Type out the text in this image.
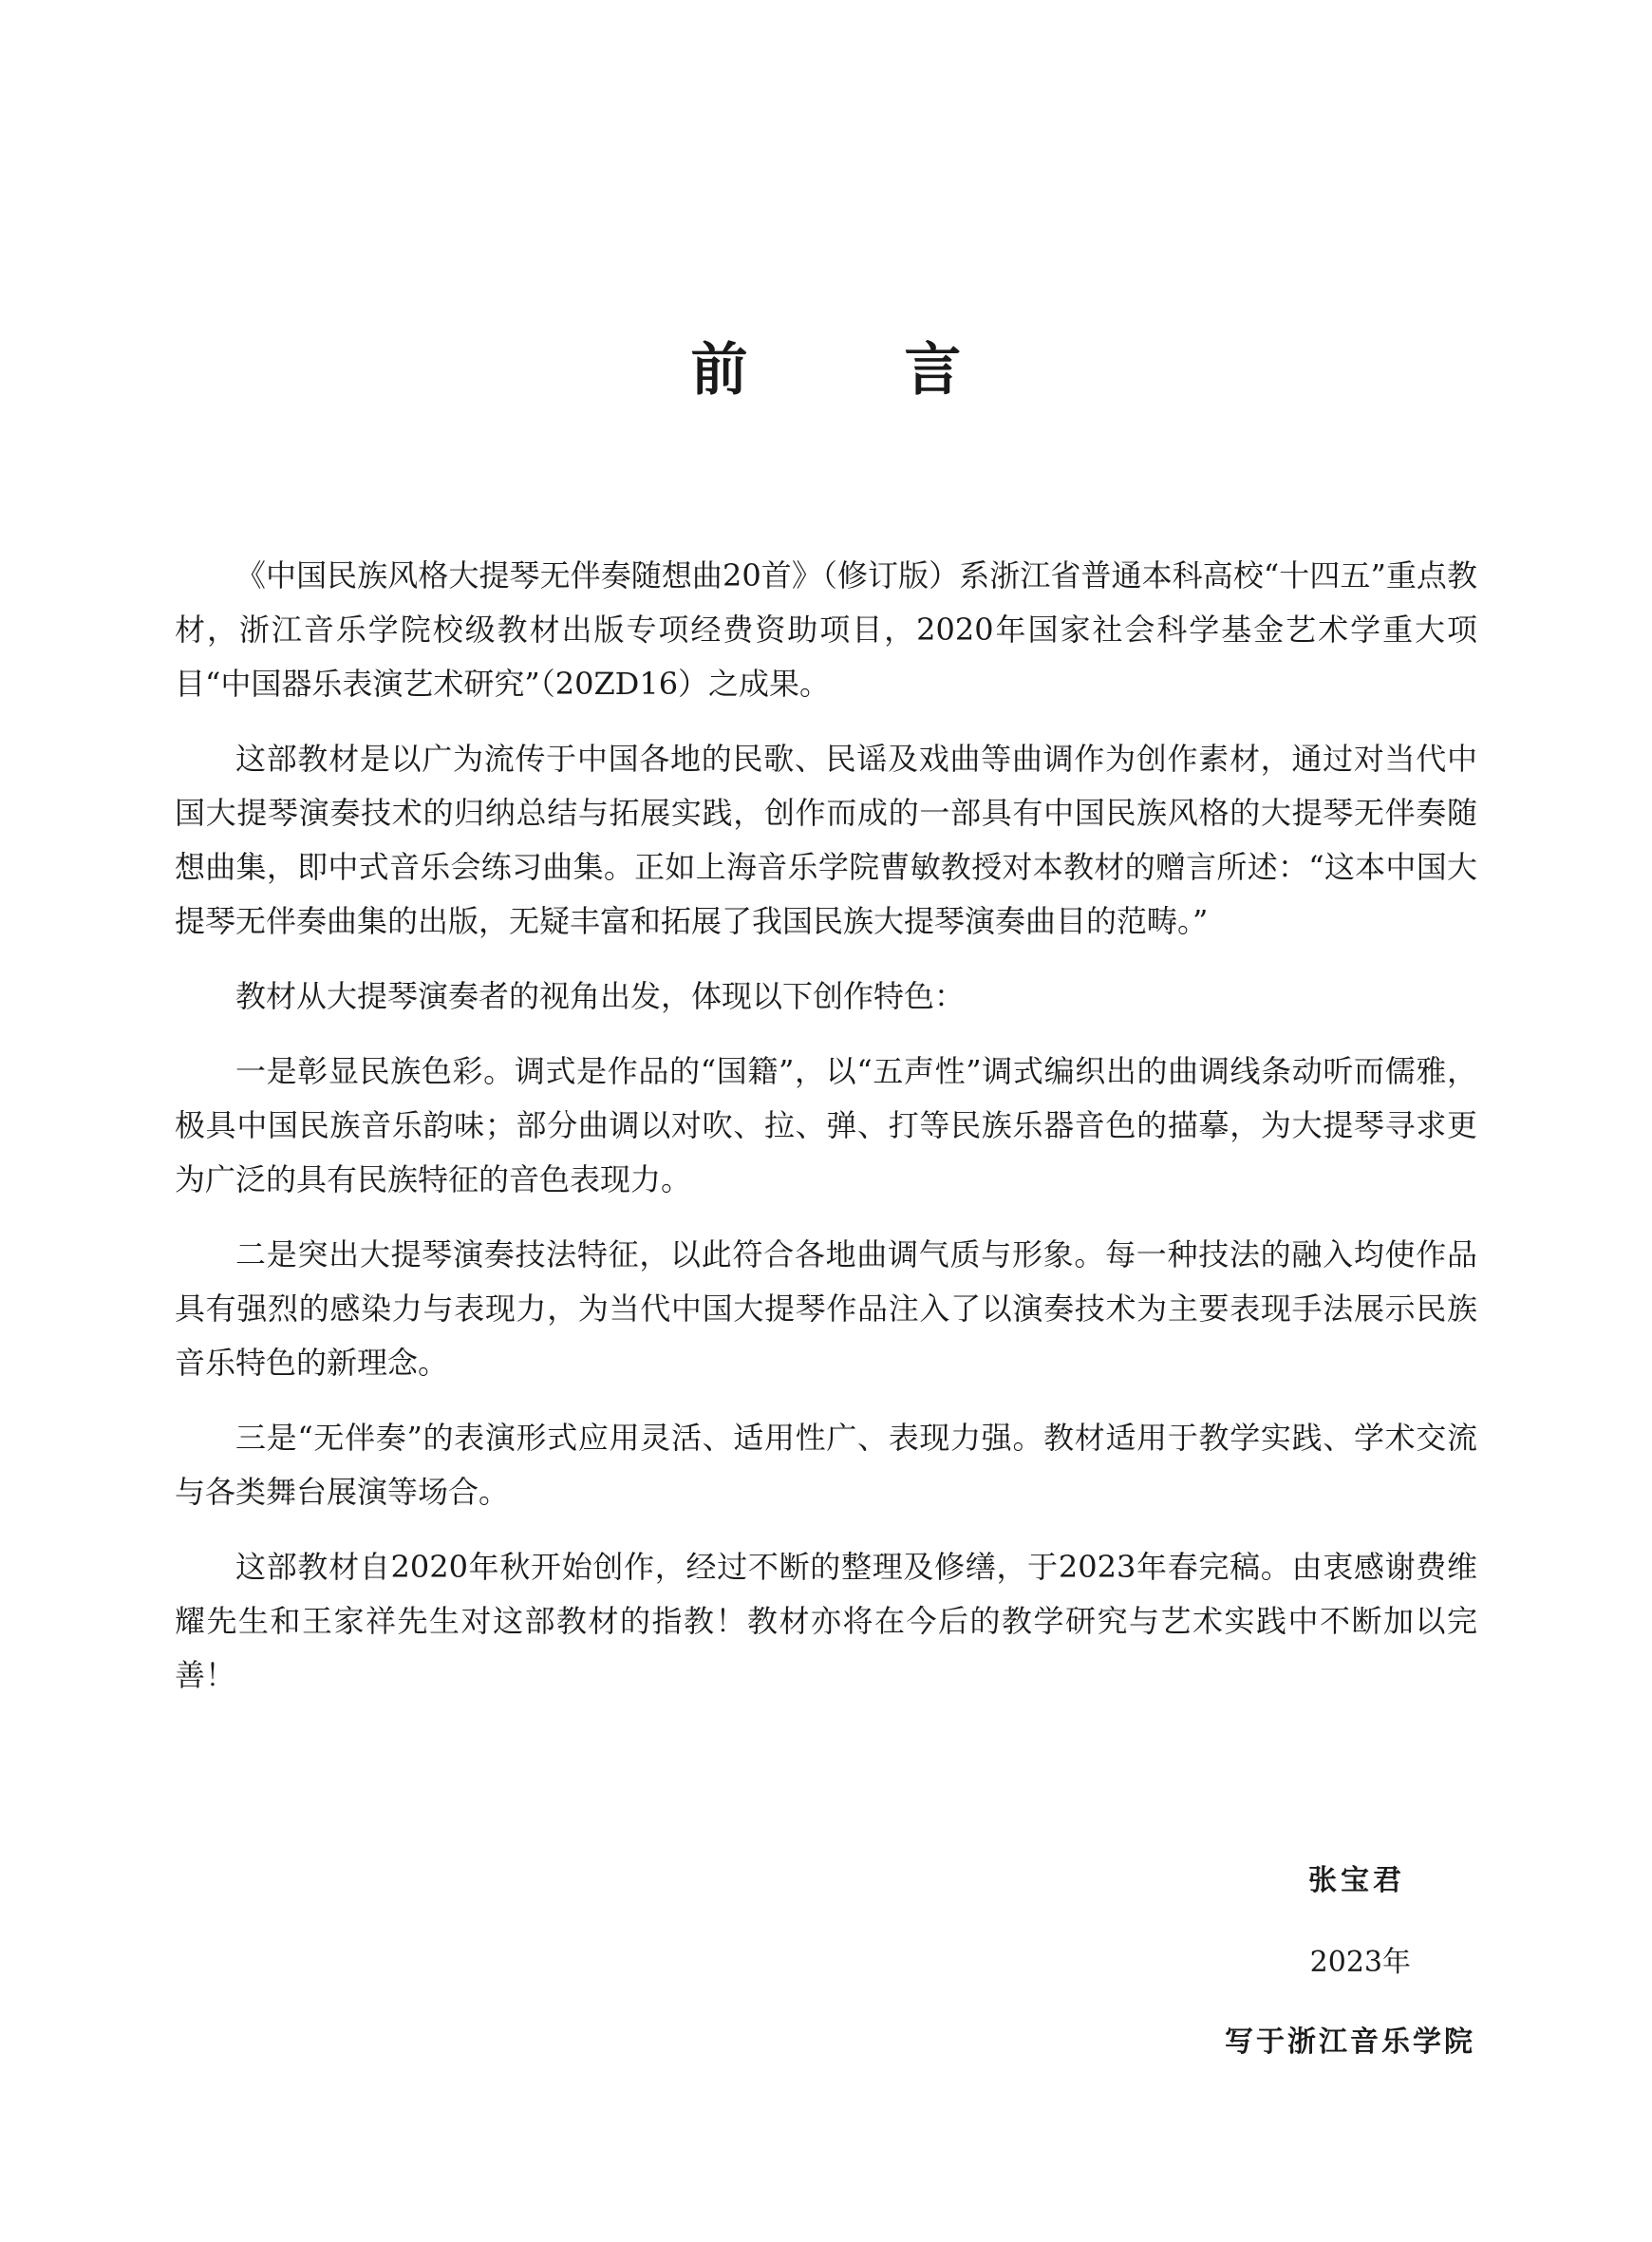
前 言

《中国民族风格大提琴无伴奏随想曲20首》（修订版）系浙江省普通本科高校“十四五”重点教材，浙江音乐学院校级教材出版专项经费资助项目，2020年国家社会科学基金艺术学重大项目“中国器乐表演艺术研究”（20ZD16）之成果。

这部教材是以广为流传于中国各地的民歌、民谣及戏曲等曲调作为创作素材，通过对当代中国大提琴演奏技术的归纳总结与拓展实践，创作而成的一部具有中国民族风格的大提琴无伴奏随想曲集，即中式音乐会练习曲集。正如上海音乐学院曹敏教授对本教材的赠言所述：“这本中国大提琴无伴奏曲集的出版，无疑丰富和拓展了我国民族大提琴演奏曲目的范畴。”

教材从大提琴演奏者的视角出发，体现以下创作特色：

一是彰显民族色彩。调式是作品的“国籍”，以“五声性”调式编织出的曲调线条动听而儒雅，极具中国民族音乐韵味；部分曲调以对吹、拉、弹、打等民族乐器音色的描摹，为大提琴寻求更为广泛的具有民族特征的音色表现力。

二是突出大提琴演奏技法特征，以此符合各地曲调气质与形象。每一种技法的融入均使作品具有强烈的感染力与表现力，为当代中国大提琴作品注入了以演奏技术为主要表现手法展示民族音乐特色的新理念。

三是“无伴奏”的表演形式应用灵活、适用性广、表现力强。教材适用于教学实践、学术交流与各类舞台展演等场合。

这部教材自2020年秋开始创作，经过不断的整理及修缮，于2023年春完稿。由衷感谢费维耀先生和王家祥先生对这部教材的指教！教材亦将在今后的教学研究与艺术实践中不断加以完善！

张宝君
2023年
写于浙江音乐学院
